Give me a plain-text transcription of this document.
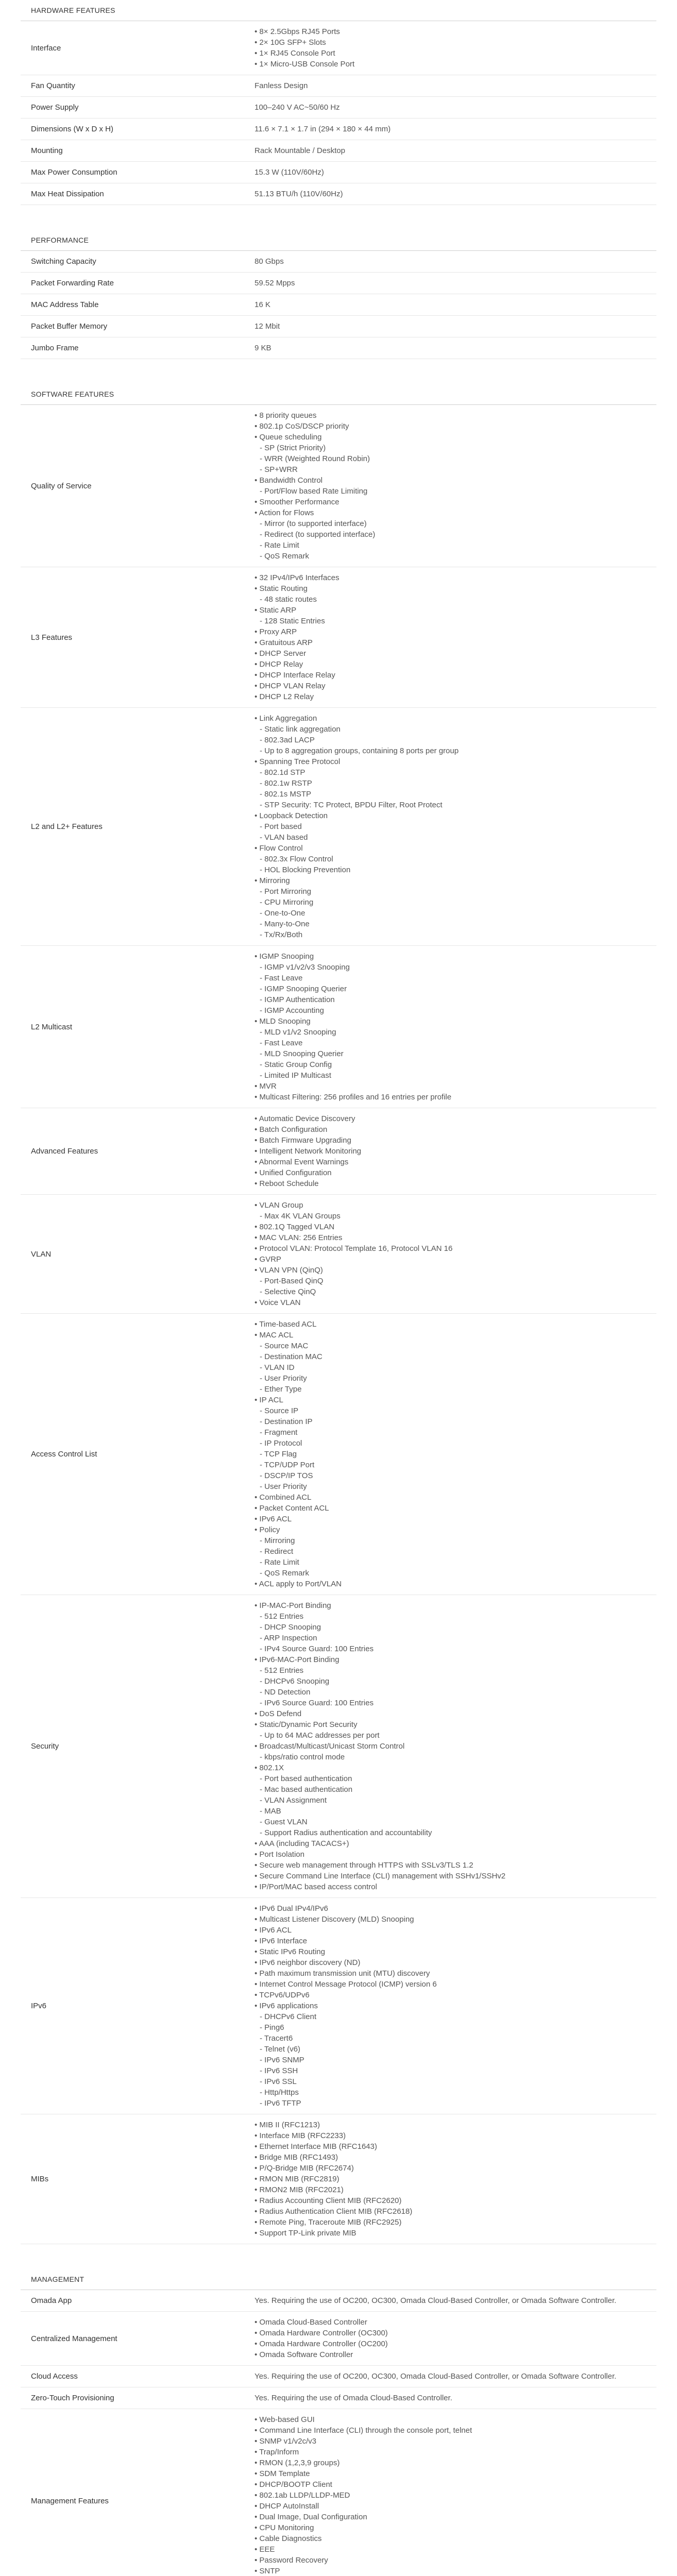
HARDWARE FEATURES
Interface
• 8× 2.5Gbps RJ45 Ports
• 2× 10G SFP+ Slots
• 1× RJ45 Console Port
• 1× Micro-USB Console Port
Fan Quantity	Fanless Design
Power Supply	100–240 V AC~50/60 Hz
Dimensions (W x D x H)	11.6 × 7.1 × 1.7 in (294 × 180 × 44 mm)
Mounting	Rack Mountable / Desktop
Max Power Consumption	15.3 W (110V/60Hz)
Max Heat Dissipation	51.13 BTU/h (110V/60Hz)
PERFORMANCE
Switching Capacity	80 Gbps
Packet Forwarding Rate	59.52 Mpps
MAC Address Table	16 K
Packet Buffer Memory	12 Mbit
Jumbo Frame	9 KB
SOFTWARE FEATURES
Quality of Service
• 8 priority queues
• 802.1p CoS/DSCP priority
• Queue scheduling
- SP (Strict Priority)
- WRR (Weighted Round Robin)
- SP+WRR
• Bandwidth Control
- Port/Flow based Rate Limiting
• Smoother Performance
• Action for Flows
- Mirror (to supported interface)
- Redirect (to supported interface)
- Rate Limit
- QoS Remark
L3 Features
• 32 IPv4/IPv6 Interfaces
• Static Routing
- 48 static routes
• Static ARP
- 128 Static Entries
• Proxy ARP
• Gratuitous ARP
• DHCP Server
• DHCP Relay
• DHCP Interface Relay
• DHCP VLAN Relay
• DHCP L2 Relay
L2 and L2+ Features
• Link Aggregation
- Static link aggregation
- 802.3ad LACP
- Up to 8 aggregation groups, containing 8 ports per group
• Spanning Tree Protocol
- 802.1d STP
- 802.1w RSTP
- 802.1s MSTP
- STP Security: TC Protect, BPDU Filter, Root Protect
• Loopback Detection
- Port based
- VLAN based
• Flow Control
- 802.3x Flow Control
- HOL Blocking Prevention
• Mirroring
- Port Mirroring
- CPU Mirroring
- One-to-One
- Many-to-One
- Tx/Rx/Both
L2 Multicast
• IGMP Snooping
- IGMP v1/v2/v3 Snooping
- Fast Leave
- IGMP Snooping Querier
- IGMP Authentication
- IGMP Accounting
• MLD Snooping
- MLD v1/v2 Snooping
- Fast Leave
- MLD Snooping Querier
- Static Group Config
- Limited IP Multicast
• MVR
• Multicast Filtering: 256 profiles and 16 entries per profile
Advanced Features
• Automatic Device Discovery
• Batch Configuration
• Batch Firmware Upgrading
• Intelligent Network Monitoring
• Abnormal Event Warnings
• Unified Configuration
• Reboot Schedule
VLAN
• VLAN Group
- Max 4K VLAN Groups
• 802.1Q Tagged VLAN
• MAC VLAN: 256 Entries
• Protocol VLAN: Protocol Template 16, Protocol VLAN 16
• GVRP
• VLAN VPN (QinQ)
- Port-Based QinQ
- Selective QinQ
• Voice VLAN
Access Control List
• Time-based ACL
• MAC ACL
- Source MAC
- Destination MAC
- VLAN ID
- User Priority
- Ether Type
• IP ACL
- Source IP
- Destination IP
- Fragment
- IP Protocol
- TCP Flag
- TCP/UDP Port
- DSCP/IP TOS
- User Priority
• Combined ACL
• Packet Content ACL
• IPv6 ACL
• Policy
- Mirroring
- Redirect
- Rate Limit
- QoS Remark
• ACL apply to Port/VLAN
Security
• IP-MAC-Port Binding
- 512 Entries
- DHCP Snooping
- ARP Inspection
- IPv4 Source Guard: 100 Entries
• IPv6-MAC-Port Binding
- 512 Entries
- DHCPv6 Snooping
- ND Detection
- IPv6 Source Guard: 100 Entries
• DoS Defend
• Static/Dynamic Port Security
- Up to 64 MAC addresses per port
• Broadcast/Multicast/Unicast Storm Control
- kbps/ratio control mode
• 802.1X
- Port based authentication
- Mac based authentication
- VLAN Assignment
- MAB
- Guest VLAN
- Support Radius authentication and accountability
• AAA (including TACACS+)
• Port Isolation
• Secure web management through HTTPS with SSLv3/TLS 1.2
• Secure Command Line Interface (CLI) management with SSHv1/SSHv2
• IP/Port/MAC based access control
IPv6
• IPv6 Dual IPv4/IPv6
• Multicast Listener Discovery (MLD) Snooping
• IPv6 ACL
• IPv6 Interface
• Static IPv6 Routing
• IPv6 neighbor discovery (ND)
• Path maximum transmission unit (MTU) discovery
• Internet Control Message Protocol (ICMP) version 6
• TCPv6/UDPv6
• IPv6 applications
- DHCPv6 Client
- Ping6
- Tracert6
- Telnet (v6)
- IPv6 SNMP
- IPv6 SSH
- IPv6 SSL
- Http/Https
- IPv6 TFTP
MIBs
• MIB II (RFC1213)
• Interface MIB (RFC2233)
• Ethernet Interface MIB (RFC1643)
• Bridge MIB (RFC1493)
• P/Q-Bridge MIB (RFC2674)
• RMON MIB (RFC2819)
• RMON2 MIB (RFC2021)
• Radius Accounting Client MIB (RFC2620)
• Radius Authentication Client MIB (RFC2618)
• Remote Ping, Traceroute MIB (RFC2925)
• Support TP-Link private MIB
MANAGEMENT
Omada App	Yes. Requiring the use of OC200, OC300, Omada Cloud-Based Controller, or Omada Software Controller.
Centralized Management
• Omada Cloud-Based Controller
• Omada Hardware Controller (OC300)
• Omada Hardware Controller (OC200)
• Omada Software Controller
Cloud Access	Yes. Requiring the use of OC200, OC300, Omada Cloud-Based Controller, or Omada Software Controller.
Zero-Touch Provisioning	Yes. Requiring the use of Omada Cloud-Based Controller.
Management Features
• Web-based GUI
• Command Line Interface (CLI) through the console port, telnet
• SNMP v1/v2c/v3
• Trap/Inform
• RMON (1,2,3,9 groups)
• SDM Template
• DHCP/BOOTP Client
• 802.1ab LLDP/LLDP-MED
• DHCP AutoInstall
• Dual Image, Dual Configuration
• CPU Monitoring
• Cable Diagnostics
• EEE
• Password Recovery
• SNTP
